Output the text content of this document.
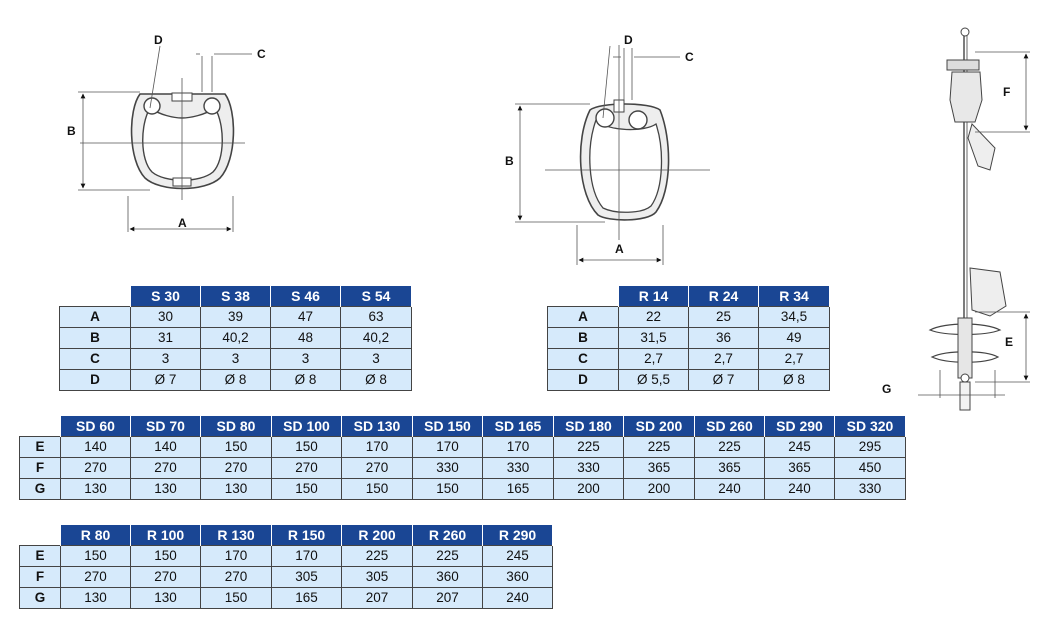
B
A
C
D
B
A
C
D
F
E
G
	S 30	S 38	S 46	S 54
A	30	39	47	63
B	31	40,2	48	40,2
C	3	3	3	3
D	Ø 7	Ø 8	Ø 8	Ø 8
	R 14	R 24	R 34
A	22	25	34,5
B	31,5	36	49
C	2,7	2,7	2,7
D	Ø 5,5	Ø 7	Ø 8
	SD 60	SD 70	SD 80	SD 100	SD 130	SD 150	SD 165	SD 180	SD 200	SD 260	SD 290	SD 320
E	140	140	150	150	170	170	170	225	225	225	245	295
F	270	270	270	270	270	330	330	330	365	365	365	450
G	130	130	130	150	150	150	165	200	200	240	240	330
	R 80	R 100	R 130	R 150	R 200	R 260	R 290
E	150	150	170	170	225	225	245
F	270	270	270	305	305	360	360
G	130	130	150	165	207	207	240
